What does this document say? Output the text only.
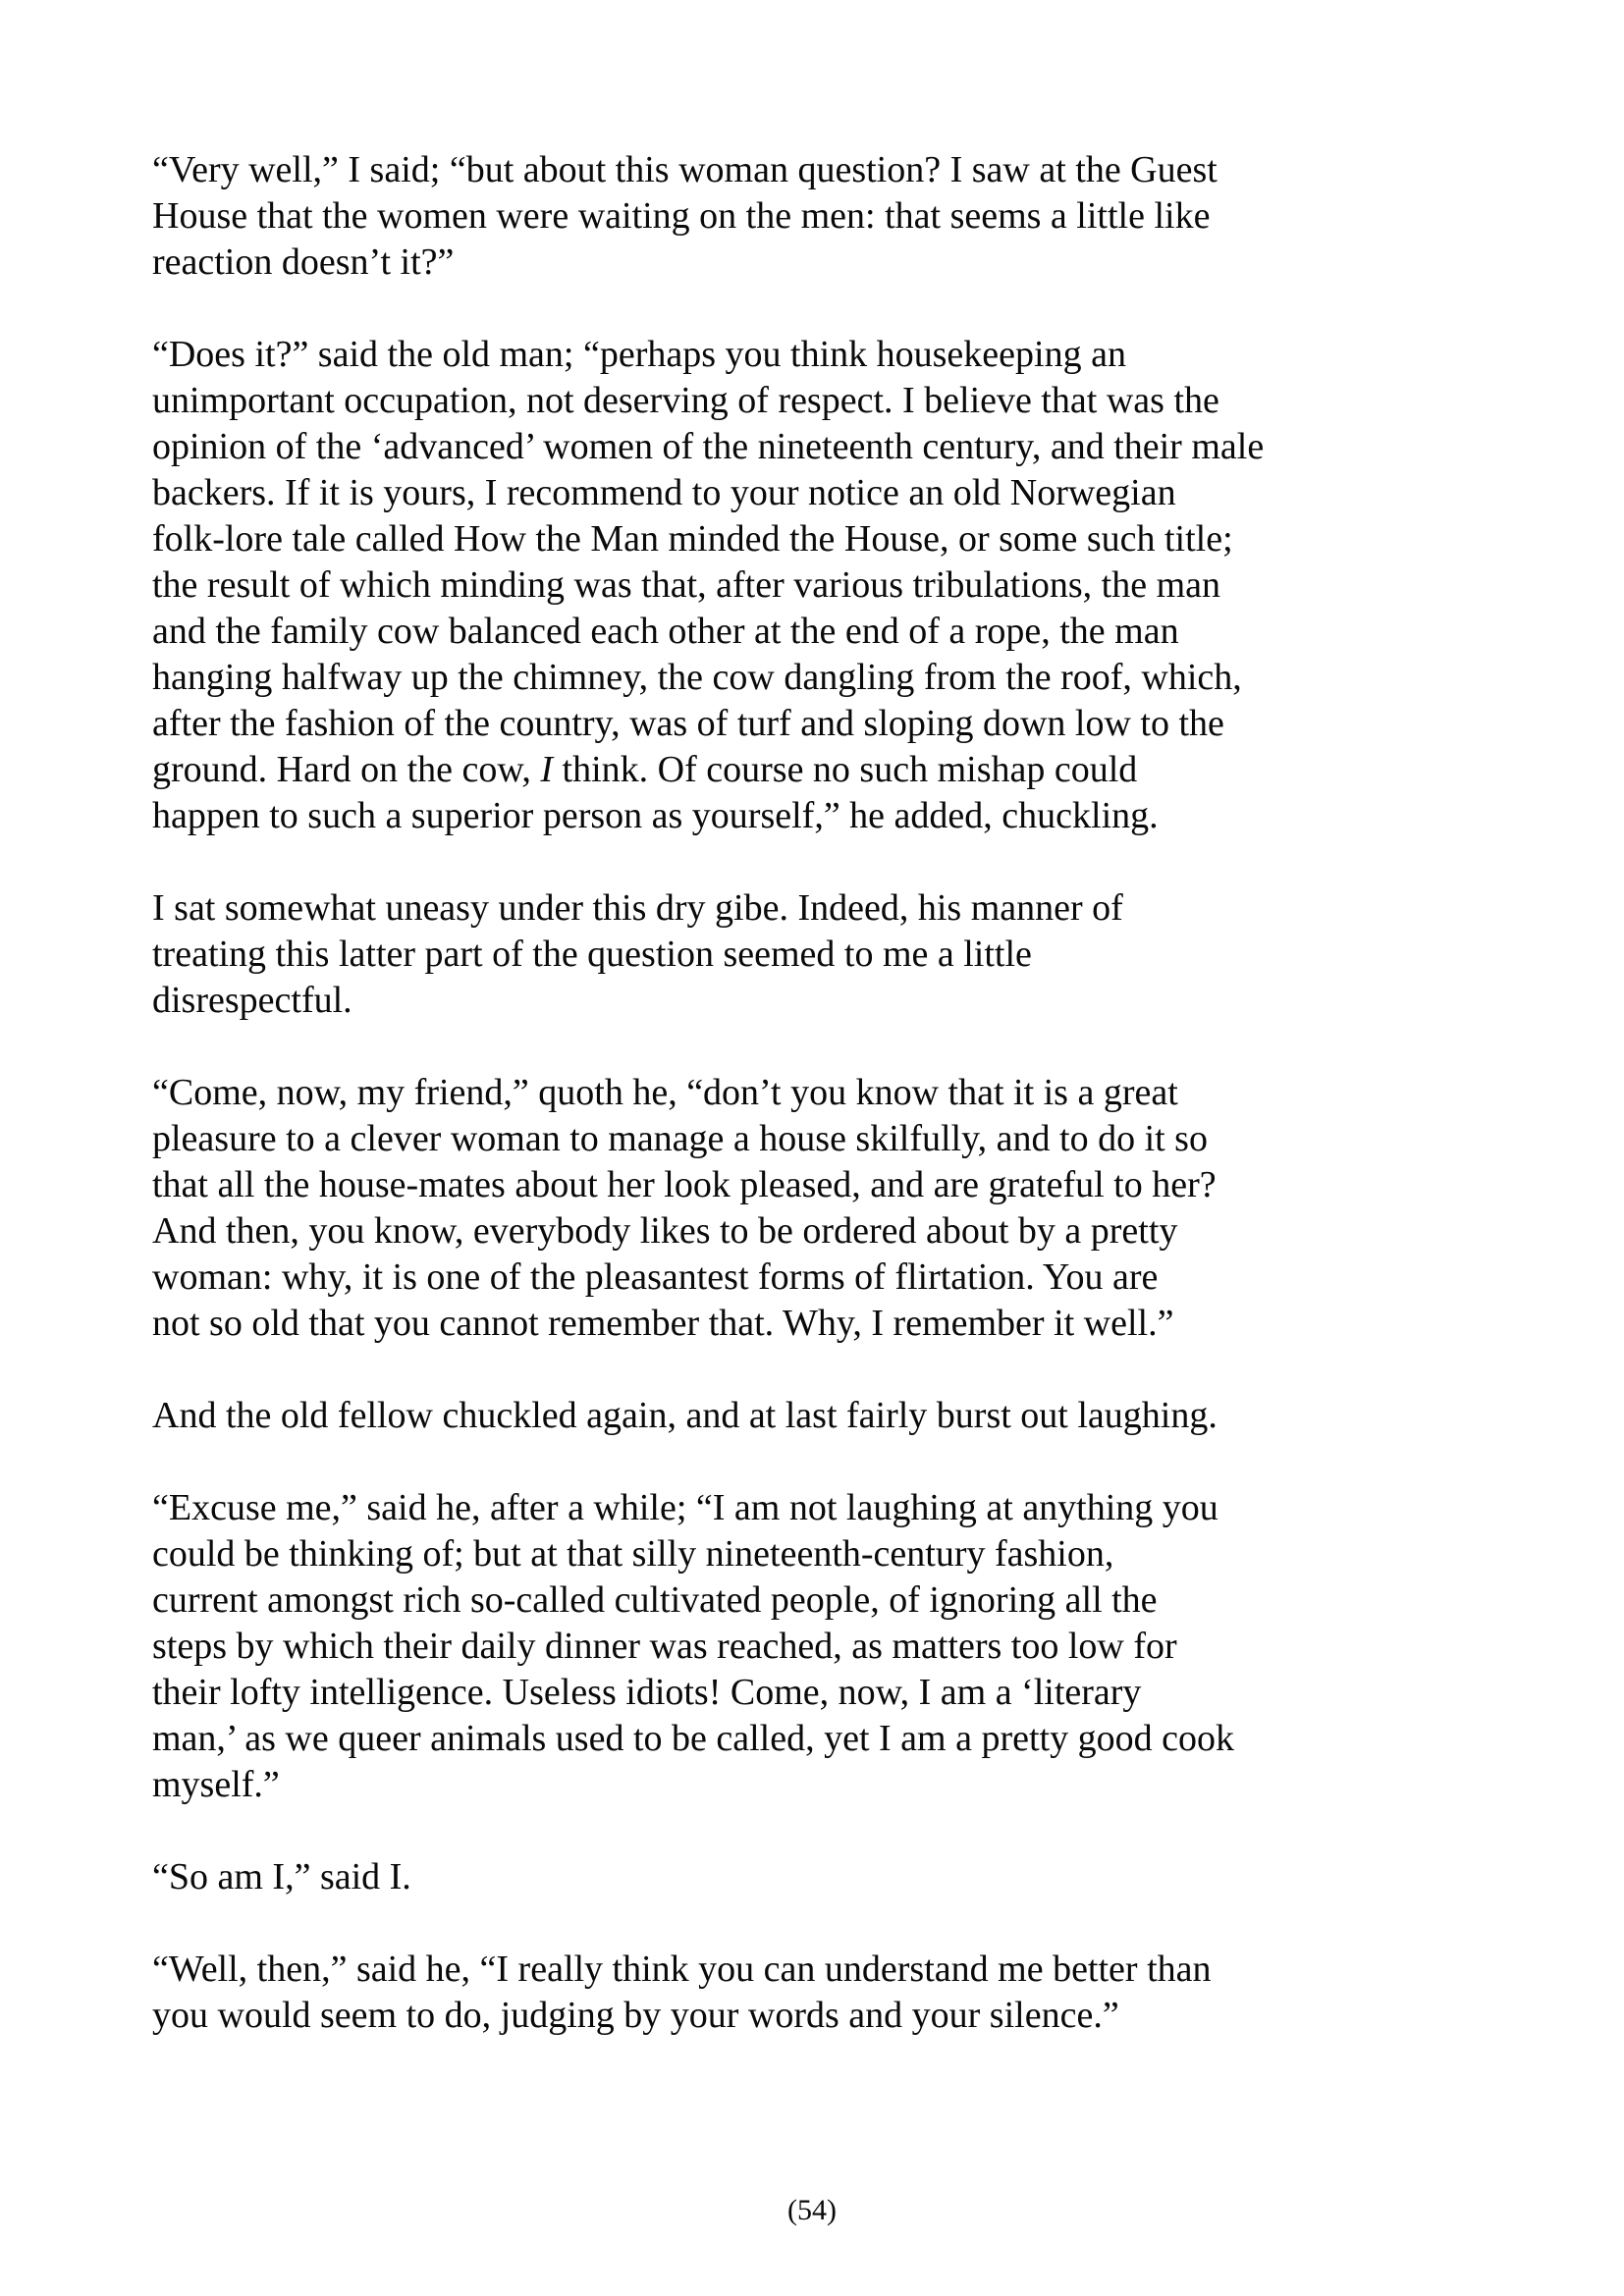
“Very well,” I said; “but about this woman question? I saw at the Guest
House that the women were waiting on the men: that seems a little like
reaction doesn’t it?”

“Does it?” said the old man; “perhaps you think housekeeping an
unimportant occupation, not deserving of respect. I believe that was the
opinion of the ‘advanced’ women of the nineteenth century, and their male
backers. If it is yours, I recommend to your notice an old Norwegian
folk-lore tale called How the Man minded the House, or some such title;
the result of which minding was that, after various tribulations, the man
and the family cow balanced each other at the end of a rope, the man
hanging halfway up the chimney, the cow dangling from the roof, which,
after the fashion of the country, was of turf and sloping down low to the
ground. Hard on the cow, I think. Of course no such mishap could
happen to such a superior person as yourself,” he added, chuckling.

I sat somewhat uneasy under this dry gibe. Indeed, his manner of
treating this latter part of the question seemed to me a little
disrespectful.

“Come, now, my friend,” quoth he, “don’t you know that it is a great
pleasure to a clever woman to manage a house skilfully, and to do it so
that all the house-mates about her look pleased, and are grateful to her?
And then, you know, everybody likes to be ordered about by a pretty
woman: why, it is one of the pleasantest forms of flirtation. You are
not so old that you cannot remember that. Why, I remember it well.”

And the old fellow chuckled again, and at last fairly burst out laughing.

“Excuse me,” said he, after a while; “I am not laughing at anything you
could be thinking of; but at that silly nineteenth-century fashion,
current amongst rich so-called cultivated people, of ignoring all the
steps by which their daily dinner was reached, as matters too low for
their lofty intelligence. Useless idiots! Come, now, I am a ‘literary
man,’ as we queer animals used to be called, yet I am a pretty good cook
myself.”

“So am I,” said I.

“Well, then,” said he, “I really think you can understand me better than
you would seem to do, judging by your words and your silence.”

(54)
